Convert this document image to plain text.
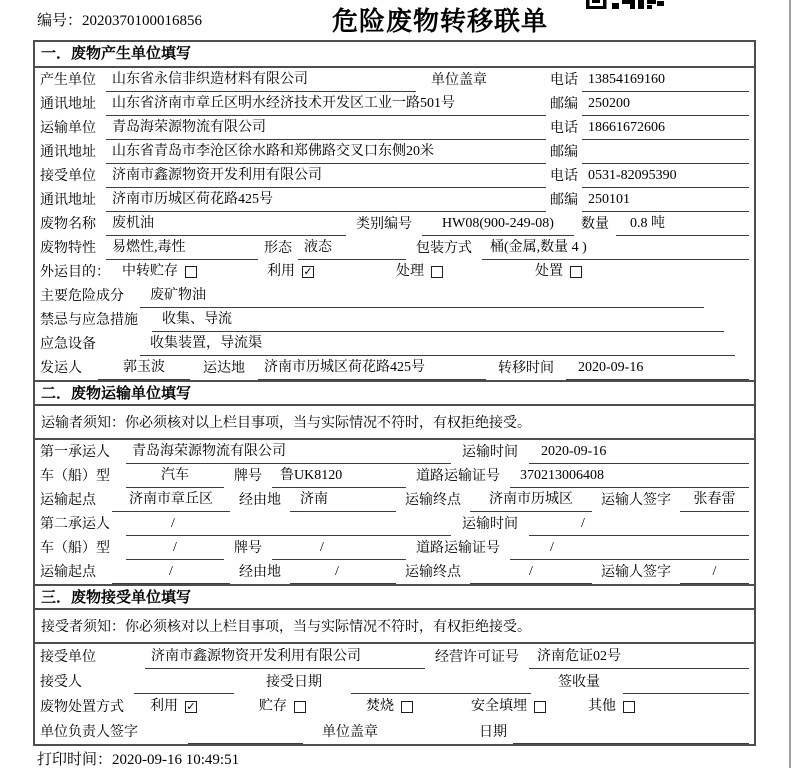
编号：2020370100016856	危险废物转移联单
一．废物产生单位填写
产生单位	山东省永信非织造材料有限公司	单位盖章	电话 13854169160
通讯地址	山东省济南市章丘区明水经济技术开发区工业一路501号	邮编 250200
运输单位	青岛海荣源物流有限公司	电话 18661672606
通讯地址	山东省青岛市李沧区徐水路和郑佛路交叉口东侧20米	邮编
接受单位	济南市鑫源物资开发利用有限公司	电话 0531-82095390
通讯地址	济南市历城区荷花路425号	邮编 250101
废物名称	废机油	类别编号	HW08(900-249-08)	数量	0.8 吨
废物特性	易燃性,毒性	形态 液态	包装方式	桶(金属,数量 4 )
外运目的： 中转贮存	利用 ✓	处理	处置
主要危险成分	废矿物油
禁忌与应急措施	收集、导流
应急设备	收集装置，导流渠
发运人	郭玉波	运达地	济南市历城区荷花路425号	转移时间	2020-09-16
二．废物运输单位填写
运输者须知：你必须核对以上栏目事项，当与实际情况不符时，有权拒绝接受。
第一承运人	青岛海荣源物流有限公司	运输时间	2020-09-16
车（船）型	汽车	牌号	鲁UK8120	道路运输证号	370213006408
运输起点	济南市章丘区	经由地	济南	运输终点	济南市历城区	运输人签字	张春雷
第二承运人	/	运输时间	/
车（船）型	/	牌号	/	道路运输证号	/
运输起点	/	经由地	/	运输终点	/	运输人签字	/
三．废物接受单位填写
接受者须知：你必须核对以上栏目事项，当与实际情况不符时，有权拒绝接受。
接受单位	济南市鑫源物资开发利用有限公司	经营许可证号	济南危证02号
接受人	接受日期	签收量
废物处置方式	利用 ✓	贮存	焚烧	安全填埋	其他
单位负责人签字	单位盖章	日期
打印时间：2020-09-16 10:49:51
